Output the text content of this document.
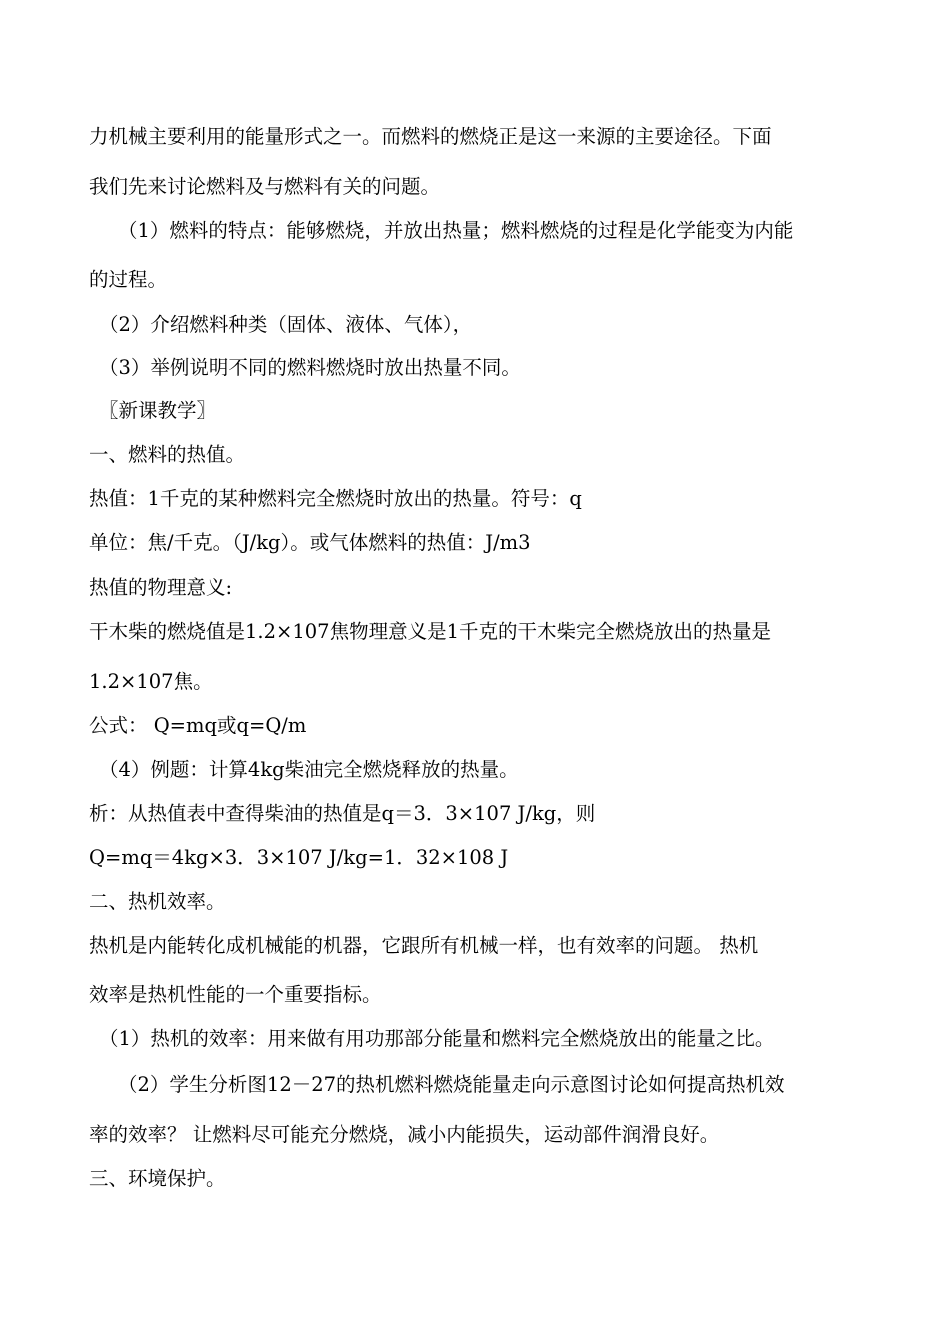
力机械主要利用的能量形式之一。而燃料的燃烧正是这一来源的主要途径。下面
我们先来讨论燃料及与燃料有关的问题。
（1）燃料的特点：能够燃烧，并放出热量；燃料燃烧的过程是化学能变为内能
的过程。
（2）介绍燃料种类（固体、液体、气体），
（3）举例说明不同的燃料燃烧时放出热量不同。
〖新课教学〗
一、燃料的热值。
热值：1千克的某种燃料完全燃烧时放出的热量。符号：q
单位：焦/千克。（J/kg）。或气体燃料的热值：J/m3
热值的物理意义:
干木柴的燃烧值是1.2×107焦物理意义是1千克的干木柴完全燃烧放出的热量是
1.2×107焦。
公式： Q=mq或q=Q/m
（4）例题：计算4kg柴油完全燃烧释放的热量。
析：从热值表中查得柴油的热值是q＝3．3×107 J/kg，则
Q=mq＝4kg×3．3×107 J/kg=1．32×108 J
二、热机效率。
热机是内能转化成机械能的机器，它跟所有机械一样，也有效率的问题。 热机
效率是热机性能的一个重要指标。
（1）热机的效率：用来做有用功那部分能量和燃料完全燃烧放出的能量之比。
（2）学生分析图12－27的热机燃料燃烧能量走向示意图讨论如何提高热机效
率的效率？ 让燃料尽可能充分燃烧，减小内能损失，运动部件润滑良好。
三、环境保护。
